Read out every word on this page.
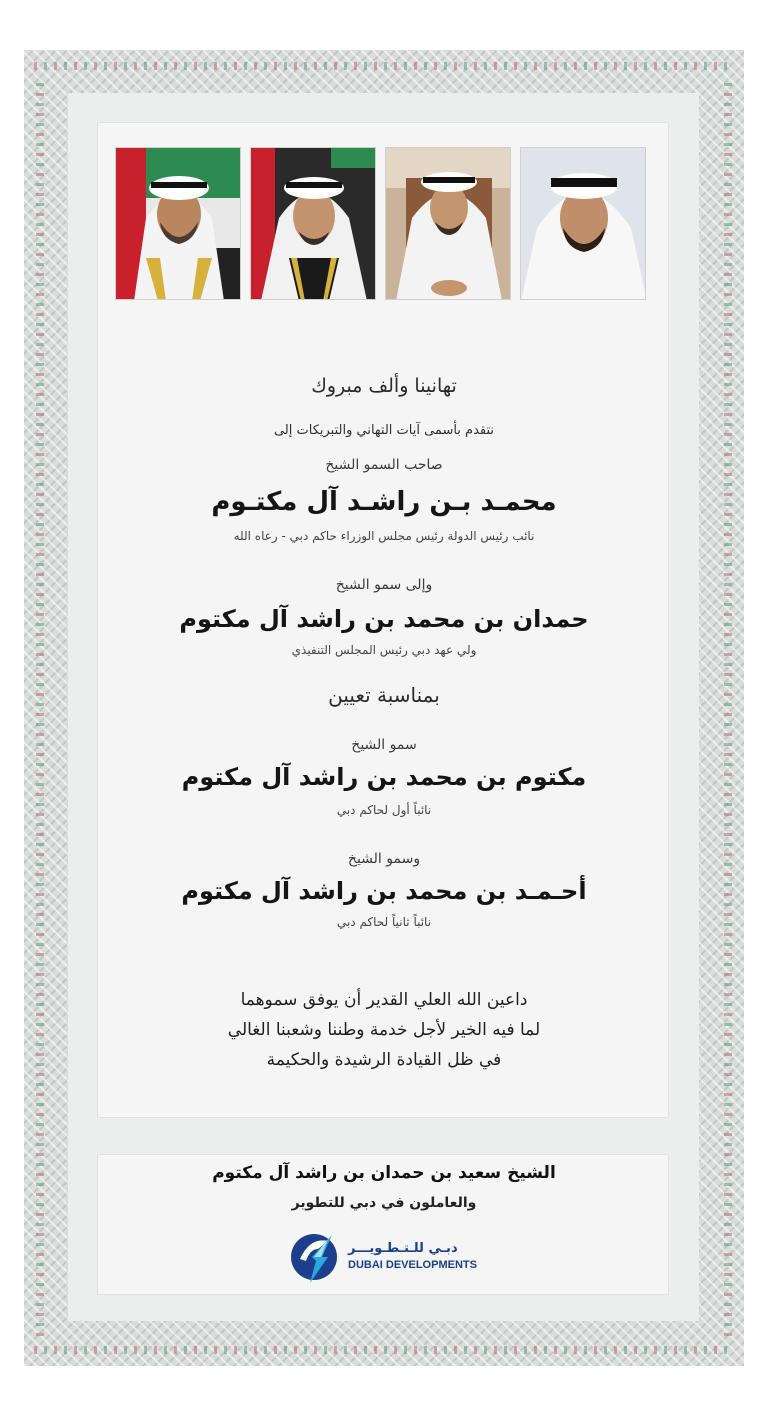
تهانينا وألف مبروك
نتقدم بأسمى آيات التهاني والتبريكات إلى
صاحب السمو الشيخ
محمـد بـن راشـد آل مكتـوم
نائب رئيس الدولة رئيس مجلس الوزراء حاكم دبي - رعاه الله
وإلى سمو الشيخ
حمدان بن محمد بن راشد آل مكتوم
ولي عهد دبي رئيس المجلس التنفيذي
بمناسبة تعيين
سمو الشيخ
مكتوم بن محمد بن راشد آل مكتوم
نائباً أول لحاكم دبي
وسمو الشيخ
أحـمـد بن محمد بن راشد آل مكتوم
نائباً ثانياً لحاكم دبي
داعين الله العلي القدير أن يوفق سموهما
لما فيه الخير لأجل خدمة وطننا وشعبنا الغالي
في ظل القيادة الرشيدة والحكيمة
الشيخ سعيد بن حمدان بن راشد آل مكتوم
والعاملون في دبي للتطوير
دبـي للـتـطـويـــر
DUBAI DEVELOPMENTS
